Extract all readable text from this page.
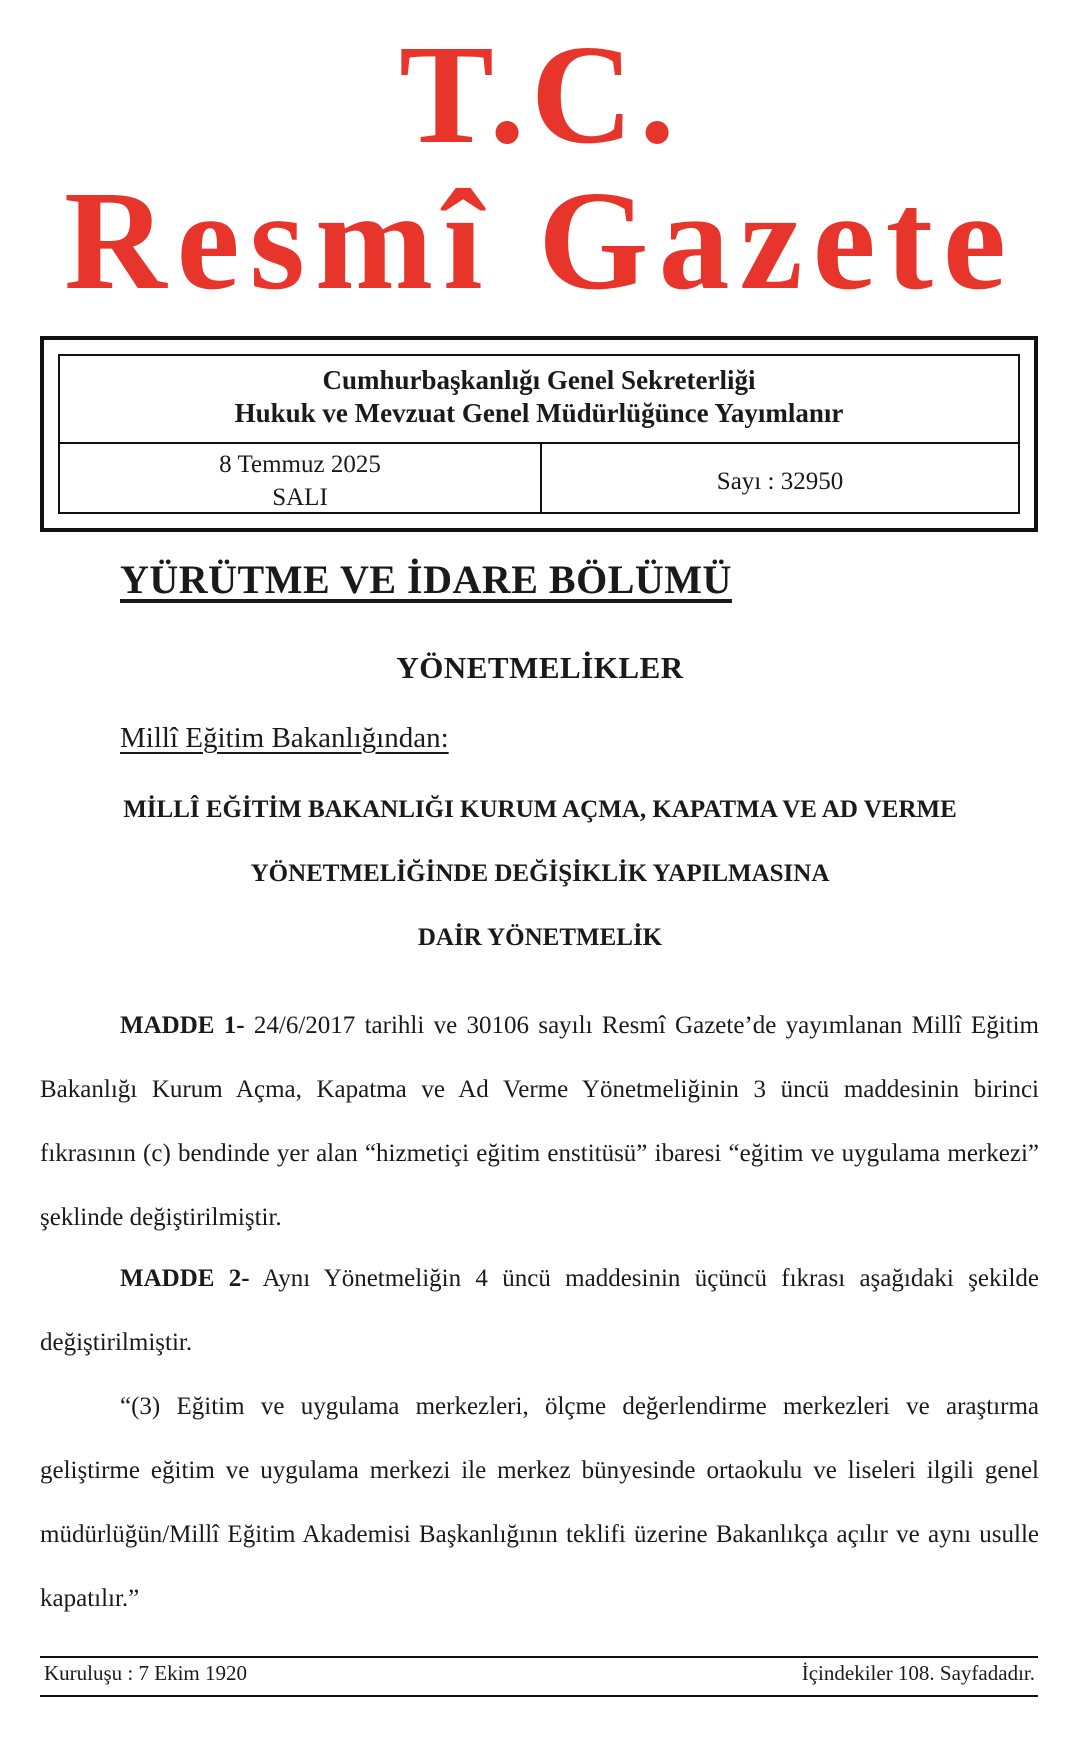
T.C.
Resmî Gazete
Cumhurbaşkanlığı Genel Sekreterliği
Hukuk ve Mevzuat Genel Müdürlüğünce Yayımlanır
8 Temmuz 2025
SALI
Sayı : 32950
YÜRÜTME VE İDARE BÖLÜMÜ
YÖNETMELİKLER
Millî Eğitim Bakanlığından:
MİLLÎ EĞİTİM BAKANLIĞI KURUM AÇMA, KAPATMA VE AD VERME
YÖNETMELİĞİNDE DEĞİŞİKLİK YAPILMASINA
DAİR YÖNETMELİK

MADDE 1- 24/6/2017 tarihli ve 30106 sayılı Resmî Gazete’de yayımlanan Millî Eğitim Bakanlığı Kurum Açma, Kapatma ve Ad Verme Yönetmeliğinin 3 üncü maddesinin birinci fıkrasının (c) bendinde yer alan “hizmetiçi eğitim enstitüsü” ibaresi “eğitim ve uygulama merkezi” şeklinde değiştirilmiştir.

MADDE 2- Aynı Yönetmeliğin 4 üncü maddesinin üçüncü fıkrası aşağıdaki şekilde değiştirilmiştir.

“(3) Eğitim ve uygulama merkezleri, ölçme değerlendirme merkezleri ve araştırma geliştirme eğitim ve uygulama merkezi ile merkez bünyesinde ortaokulu ve liseleri ilgili genel müdürlüğün/Millî Eğitim Akademisi Başkanlığının teklifi üzerine Bakanlıkça açılır ve aynı usulle kapatılır.”

Kuruluşu : 7 Ekim 1920	İçindekiler 108. Sayfadadır.
